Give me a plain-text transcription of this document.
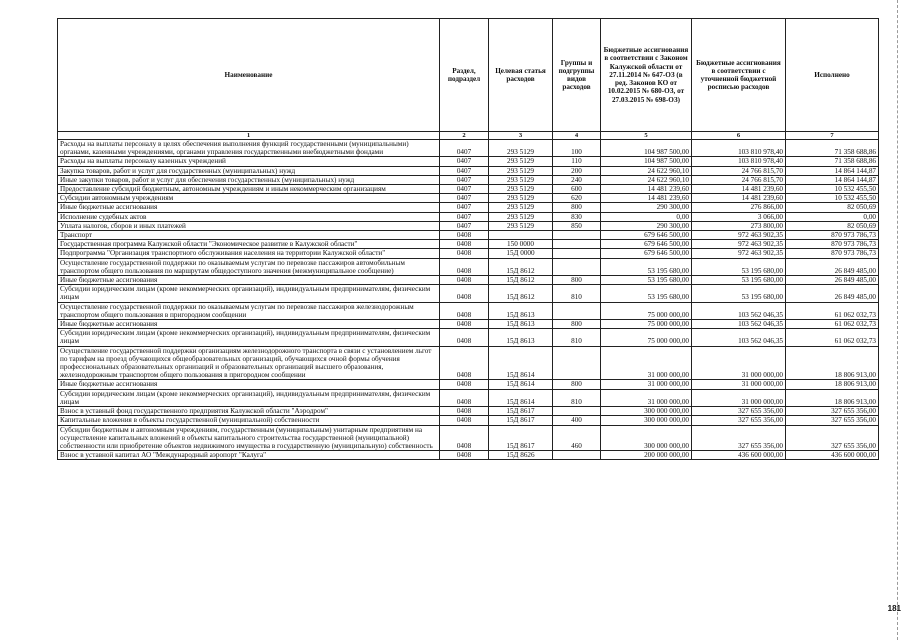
Наименование	Раздел, подраздел	Целевая статья расходов	Группы и подгруппы видов расходов	Бюджетные ассигнования в соответствии с Законом Калужской области от 27.11.2014 № 647-ОЗ (в ред. Законов КО от 10.02.2015 № 680-ОЗ, от 27.03.2015 № 698-ОЗ)	Бюджетные ассигнования в соответствии с уточненной бюджетной росписью расходов	Исполнено
1	2	3	4	5	6	7
Расходы на выплаты персоналу в целях обеспечения выполнения функций государственными (муниципальными) органами, казенными учреждениями, органами управления государственными внебюджетными фондами	0407	293 5129	100	104 987 500,00	103 810 978,40	71 358 688,86
Расходы на выплаты персоналу казенных учреждений	0407	293 5129	110	104 987 500,00	103 810 978,40	71 358 688,86
Закупка товаров, работ и услуг для государственных (муниципальных) нужд	0407	293 5129	200	24 622 960,10	24 766 815,70	14 864 144,87
Иные закупки товаров, работ и услуг для обеспечения государственных (муниципальных) нужд	0407	293 5129	240	24 622 960,10	24 766 815,70	14 864 144,87
Предоставление субсидий бюджетным, автономным учреждениям и иным некоммерческим организациям	0407	293 5129	600	14 481 239,60	14 481 239,60	10 532 455,50
Субсидии автономным учреждениям	0407	293 5129	620	14 481 239,60	14 481 239,60	10 532 455,50
Иные бюджетные ассигнования	0407	293 5129	800	290 300,00	276 866,00	82 050,69
Исполнение судебных актов	0407	293 5129	830	0,00	3 066,00	0,00
Уплата налогов, сборов и иных платежей	0407	293 5129	850	290 300,00	273 800,00	82 050,69
Транспорт	0408			679 646 500,00	972 463 902,35	870 973 786,73
Государственная программа Калужской области "Экономическое развитие в Калужской области"	0408	150 0000		679 646 500,00	972 463 902,35	870 973 786,73
Подпрограмма "Организация транспортного обслуживания населения на территории Калужской области"	0408	15Д 0000		679 646 500,00	972 463 902,35	870 973 786,73
Осуществление государственной поддержки по оказываемым услугам по перевозке пассажиров автомобильным транспортом общего пользования по маршрутам общедоступного значения (межмуниципальное сообщение)	0408	15Д 8612		53 195 680,00	53 195 680,00	26 849 485,00
Иные бюджетные ассигнования	0408	15Д 8612	800	53 195 680,00	53 195 680,00	26 849 485,00
Субсидии юридическим лицам (кроме некоммерческих организаций), индивидуальным предпринимателям, физическим лицам	0408	15Д 8612	810	53 195 680,00	53 195 680,00	26 849 485,00
Осуществление государственной поддержки по оказываемым услугам по перевозке пассажиров железнодорожным транспортом общего пользования в пригородном сообщении	0408	15Д 8613		75 000 000,00	103 562 046,35	61 062 032,73
Иные бюджетные ассигнования	0408	15Д 8613	800	75 000 000,00	103 562 046,35	61 062 032,73
Субсидии юридическим лицам (кроме некоммерческих организаций), индивидуальным предпринимателям, физическим лицам	0408	15Д 8613	810	75 000 000,00	103 562 046,35	61 062 032,73
Осуществление государственной поддержки организациям железнодорожного транспорта в связи с установлением льгот по тарифам на проезд обучающихся общеобразовательных организаций, обучающихся очной формы обучения профессиональных образовательных организаций и образовательных организаций высшего образования, железнодорожным транспортом общего пользования в пригородном сообщении	0408	15Д 8614		31 000 000,00	31 000 000,00	18 806 913,00
Иные бюджетные ассигнования	0408	15Д 8614	800	31 000 000,00	31 000 000,00	18 806 913,00
Субсидии юридическим лицам (кроме некоммерческих организаций), индивидуальным предпринимателям, физическим лицам	0408	15Д 8614	810	31 000 000,00	31 000 000,00	18 806 913,00
Взнос в уставный фонд государственного предприятия Калужской области "Аэродром"	0408	15Д 8617		300 000 000,00	327 655 356,00	327 655 356,00
Капитальные вложения в объекты государственной (муниципальной) собственности	0408	15Д 8617	400	300 000 000,00	327 655 356,00	327 655 356,00
Субсидии бюджетным и автономным учреждениям, государственным (муниципальным) унитарным предприятиям на осуществление капитальных вложений в объекты капитального строительства государственной (муниципальной) собственности или приобретение объектов недвижимого имущества в государственную (муниципальную) собственность	0408	15Д 8617	460	300 000 000,00	327 655 356,00	327 655 356,00
Взнос в уставной капитал АО "Международный аэропорт "Калуга"	0408	15Д 8626		200 000 000,00	436 600 000,00	436 600 000,00
181
